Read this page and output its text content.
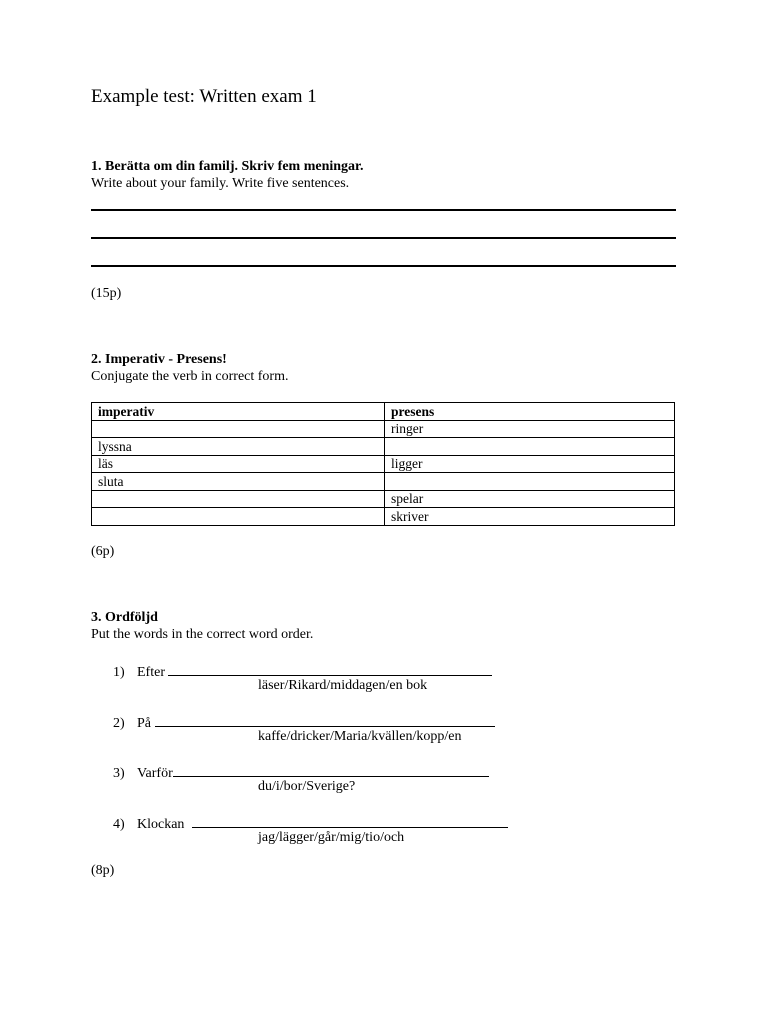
Example test: Written exam 1
1. Berätta om din familj. Skriv fem meningar.
Write about your family. Write five sentences.
(15p)
2. Imperativ - Presens!
Conjugate the verb in correct form.
imperativ	presens
	ringer
lyssna	
läs	ligger
sluta	
	spelar
	skriver
(6p)
3. Ordföljd
Put the words in the correct word order.
1) Efter
läser/Rikard/middagen/en bok
2) På
kaffe/dricker/Maria/kvällen/kopp/en
3) Varför
du/i/bor/Sverige?
4) Klockan
jag/lägger/går/mig/tio/och
(8p)
